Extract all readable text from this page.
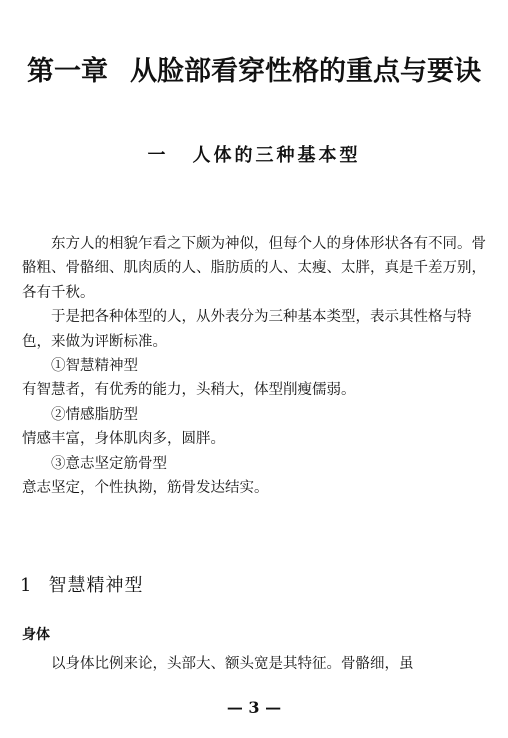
第一章 从脸部看穿性格的重点与要诀
一 人体的三种基本型

东方人的相貌乍看之下颇为神似，但每个人的身体形状各有不同。骨骼粗、骨骼细、肌肉质的人、脂肪质的人、太瘦、太胖，真是千差万别，各有千秋。

于是把各种体型的人，从外表分为三种基本类型，表示其性格与特色，来做为评断标准。

①智慧精神型

有智慧者，有优秀的能力，头稍大，体型削瘦儒弱。

②情感脂肪型

情感丰富，身体肌肉多，圆胖。

③意志坚定筋骨型

意志坚定，个性执拗，筋骨发达结实。

1 智慧精神型
身体
以身体比例来论，头部大、额头宽是其特征。骨骼细，虽
— 3 —
